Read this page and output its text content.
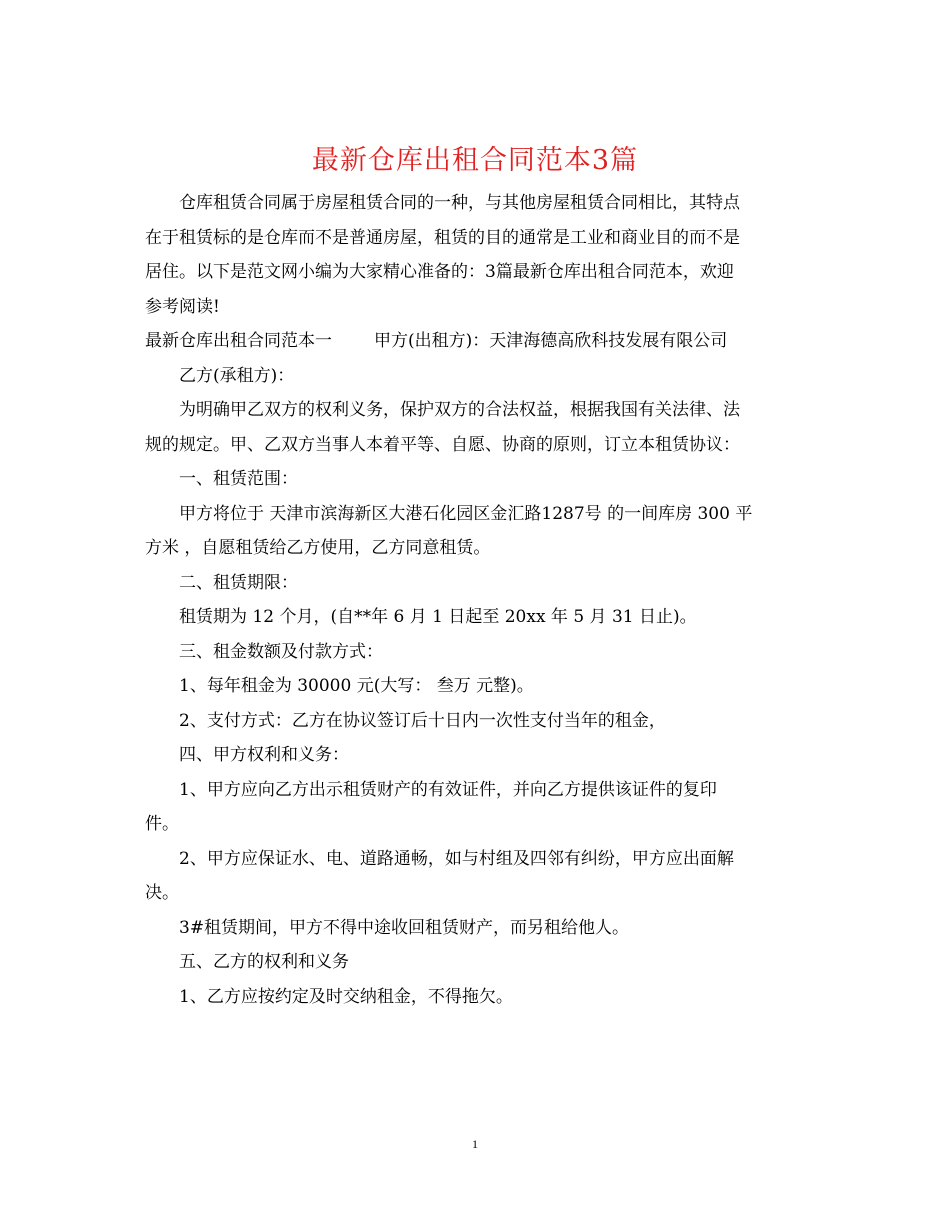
最新仓库出租合同范本3篇
仓库租赁合同属于房屋租赁合同的一种，与其他房屋租赁合同相比，其特点
在于租赁标的是仓库而不是普通房屋，租赁的目的通常是工业和商业目的而不是
居住。以下是范文网小编为大家精心准备的：3篇最新仓库出租合同范本，欢迎
参考阅读!
最新仓库出租合同范本一 甲方(出租方)：天津海德高欣科技发展有限公司
乙方(承租方)：
为明确甲乙双方的权利义务，保护双方的合法权益，根据我国有关法律、法
规的规定。甲、乙双方当事人本着平等、自愿、协商的原则，订立本租赁协议：
一、租赁范围：
甲方将位于 天津市滨海新区大港石化园区金汇路1287号 的一间库房 300 平
方米 ，自愿租赁给乙方使用，乙方同意租赁。
二、租赁期限：
租赁期为 12 个月，(自**年 6 月 1 日起至 20xx 年 5 月 31 日止)。
三、租金数额及付款方式：
1、每年租金为 30000 元(大写： 叁万 元整)。
2、支付方式：乙方在协议签订后十日内一次性支付当年的租金，
四、甲方权利和义务：
1、甲方应向乙方出示租赁财产的有效证件，并向乙方提供该证件的复印
件。
2、甲方应保证水、电、道路通畅，如与村组及四邻有纠纷，甲方应出面解
决。
3#租赁期间，甲方不得中途收回租赁财产，而另租给他人。
五、乙方的权利和义务
1、乙方应按约定及时交纳租金，不得拖欠。
1
